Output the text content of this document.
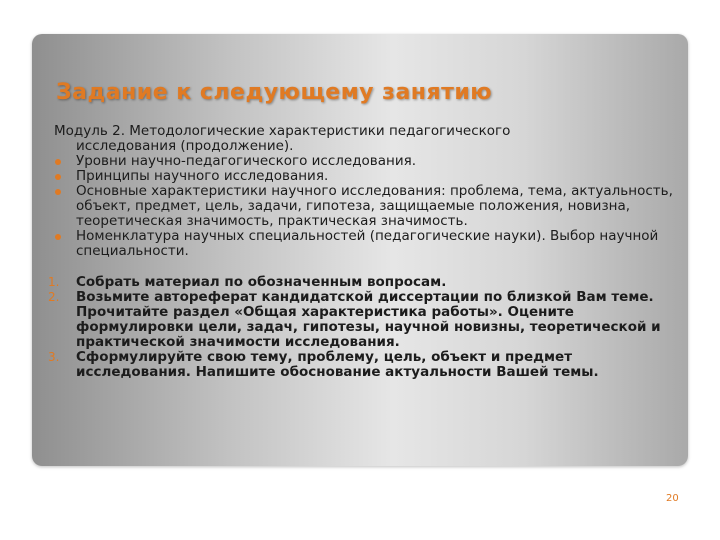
Задание к следующему занятию

Модуль 2. Методологические характеристики педагогического
исследования (продолжение).

Уровни научно-педагогического исследования.
Принципы научного исследования.
Основные характеристики научного исследования: проблема, тема, актуальность, объект, предмет, цель, задачи, гипотеза, защищаемые положения, новизна, теоретическая значимость, практическая значимость.
Номенклатура научных специальностей (педагогические науки). Выбор научной специальности.
1. Собрать материал по обозначенным вопросам.
2. Возьмите автореферат кандидатской диссертации по близкой Вам теме. Прочитайте раздел «Общая характеристика работы». Оцените формулировки цели, задач, гипотезы, научной новизны, теоретической и практической значимости исследования.
3. Сформулируйте свою тему, проблему, цель, объект и предмет исследования. Напишите обоснование актуальности Вашей темы.
20
